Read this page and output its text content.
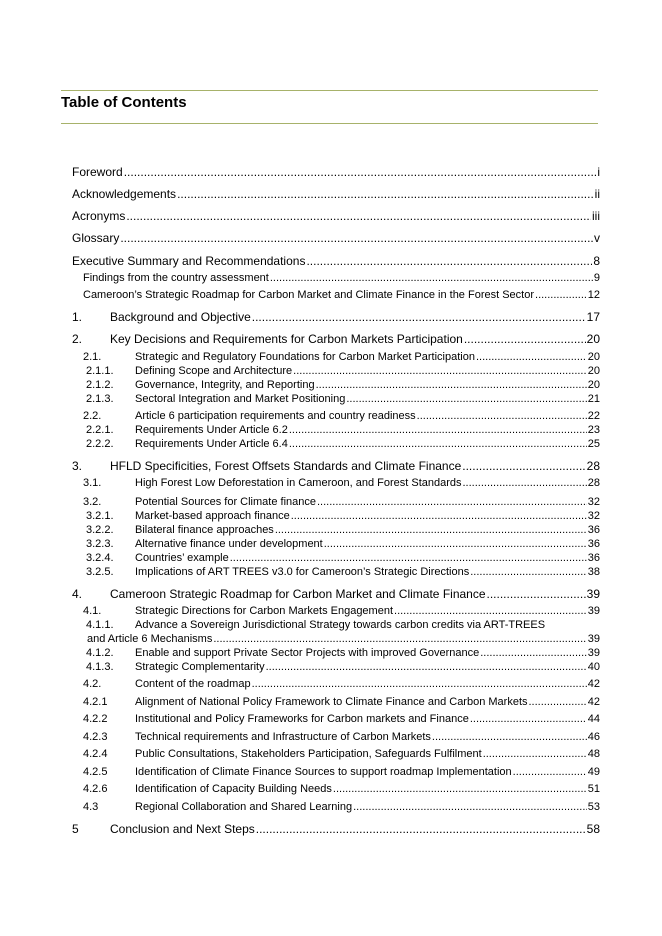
Table of Contents
Foreword .....	i
Acknowledgements .....	ii
Acronyms .....	iii
Glossary .....	v
Executive Summary and Recommendations .....	8
Findings from the country assessment .....	9
Cameroon’s Strategic Roadmap for Carbon Market and Climate Finance in the Forest Sector .....	12
1.	Background and Objective .....	17
2.	Key Decisions and Requirements for Carbon Markets Participation .....	20
2.1.	Strategic and Regulatory Foundations for Carbon Market Participation .....	20
2.1.1.	Defining Scope and Architecture .....	20
2.1.2.	Governance, Integrity, and Reporting .....	20
2.1.3.	Sectoral Integration and Market Positioning .....	21
2.2.	Article 6 participation requirements and country readiness .....	22
2.2.1.	Requirements Under Article 6.2 .....	23
2.2.2.	Requirements Under Article 6.4 .....	25
3.	HFLD Specificities, Forest Offsets Standards and Climate Finance .....	28
3.1.	High Forest Low Deforestation in Cameroon, and Forest Standards .....	28
3.2.	Potential Sources for Climate finance .....	32
3.2.1.	Market-based approach finance .....	32
3.2.2.	Bilateral finance approaches .....	36
3.2.3.	Alternative finance under development .....	36
3.2.4.	Countries’ example .....	36
3.2.5.	Implications of ART TREES v3.0 for Cameroon’s Strategic Directions .....	38
4.	Cameroon Strategic Roadmap for Carbon Market and Climate Finance .....	39
4.1.	Strategic Directions for Carbon Markets Engagement .....	39
4.1.1.	Advance a Sovereign Jurisdictional Strategy towards carbon credits via ART-TREES
and Article 6 Mechanisms .....	39
4.1.2.	Enable and support Private Sector Projects with improved Governance .....	39
4.1.3.	Strategic Complementarity .....	40
4.2.	Content of the roadmap .....	42
4.2.1	Alignment of National Policy Framework to Climate Finance and Carbon Markets .....	42
4.2.2	Institutional and Policy Frameworks for Carbon markets and Finance .....	44
4.2.3	Technical requirements and Infrastructure of Carbon Markets .....	46
4.2.4	Public Consultations, Stakeholders Participation, Safeguards Fulfilment .....	48
4.2.5	Identification of Climate Finance Sources to support roadmap Implementation .....	49
4.2.6	Identification of Capacity Building Needs .....	51
4.3	Regional Collaboration and Shared Learning .....	53
5	Conclusion and Next Steps .....	58
